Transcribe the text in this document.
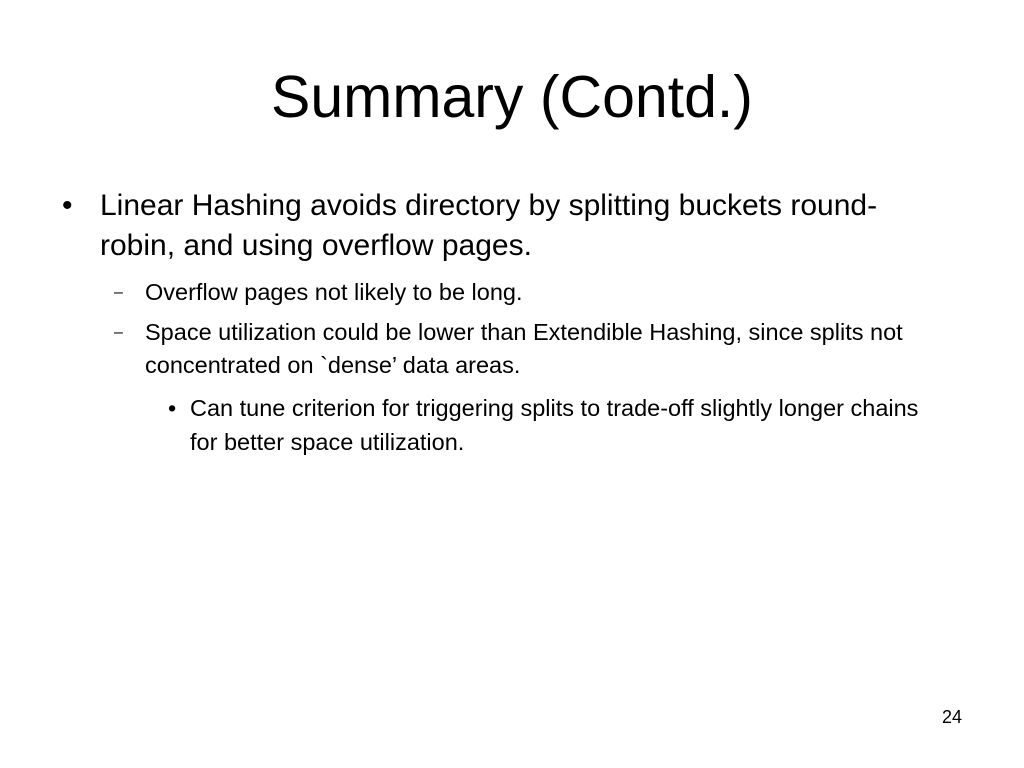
Summary (Contd.)
• Linear Hashing avoids directory by splitting buckets round-robin, and using overflow pages.
– Overflow pages not likely to be long.
– Space utilization could be lower than Extendible Hashing, since splits not concentrated on `dense’ data areas.
• Can tune criterion for triggering splits to trade-off slightly longer chains for better space utilization.
24
